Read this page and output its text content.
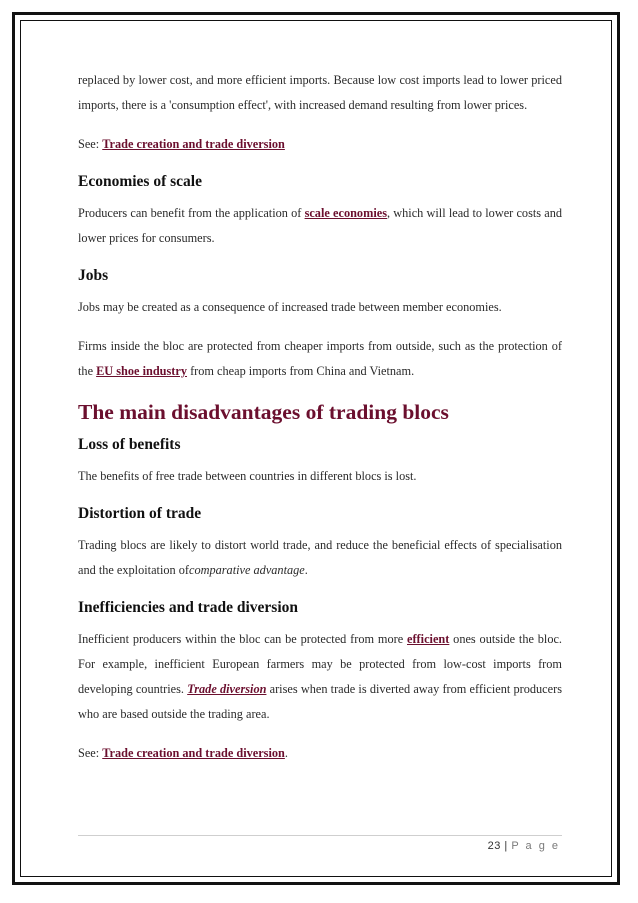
replaced by lower cost, and more efficient imports. Because low cost imports lead to lower priced imports, there is a 'consumption effect', with increased demand resulting from lower prices.

See: Trade creation and trade diversion

Economies of scale

Producers can benefit from the application of scale economies, which will lead to lower costs and lower prices for consumers.

Jobs

Jobs may be created as a consequence of increased trade between member economies.

Firms inside the bloc are protected from cheaper imports from outside, such as the protection of the EU shoe industry from cheap imports from China and Vietnam.

The main disadvantages of trading blocs
Loss of benefits

The benefits of free trade between countries in different blocs is lost.

Distortion of trade

Trading blocs are likely to distort world trade, and reduce the beneficial effects of specialisation and the exploitation ofcomparative advantage.

Inefficiencies and trade diversion

Inefficient producers within the bloc can be protected from more efficient ones outside the bloc. For example, inefficient European farmers may be protected from low-cost imports from developing countries. Trade diversion arises when trade is diverted away from efficient producers who are based outside the trading area.

See: Trade creation and trade diversion.

23 | P a g e
